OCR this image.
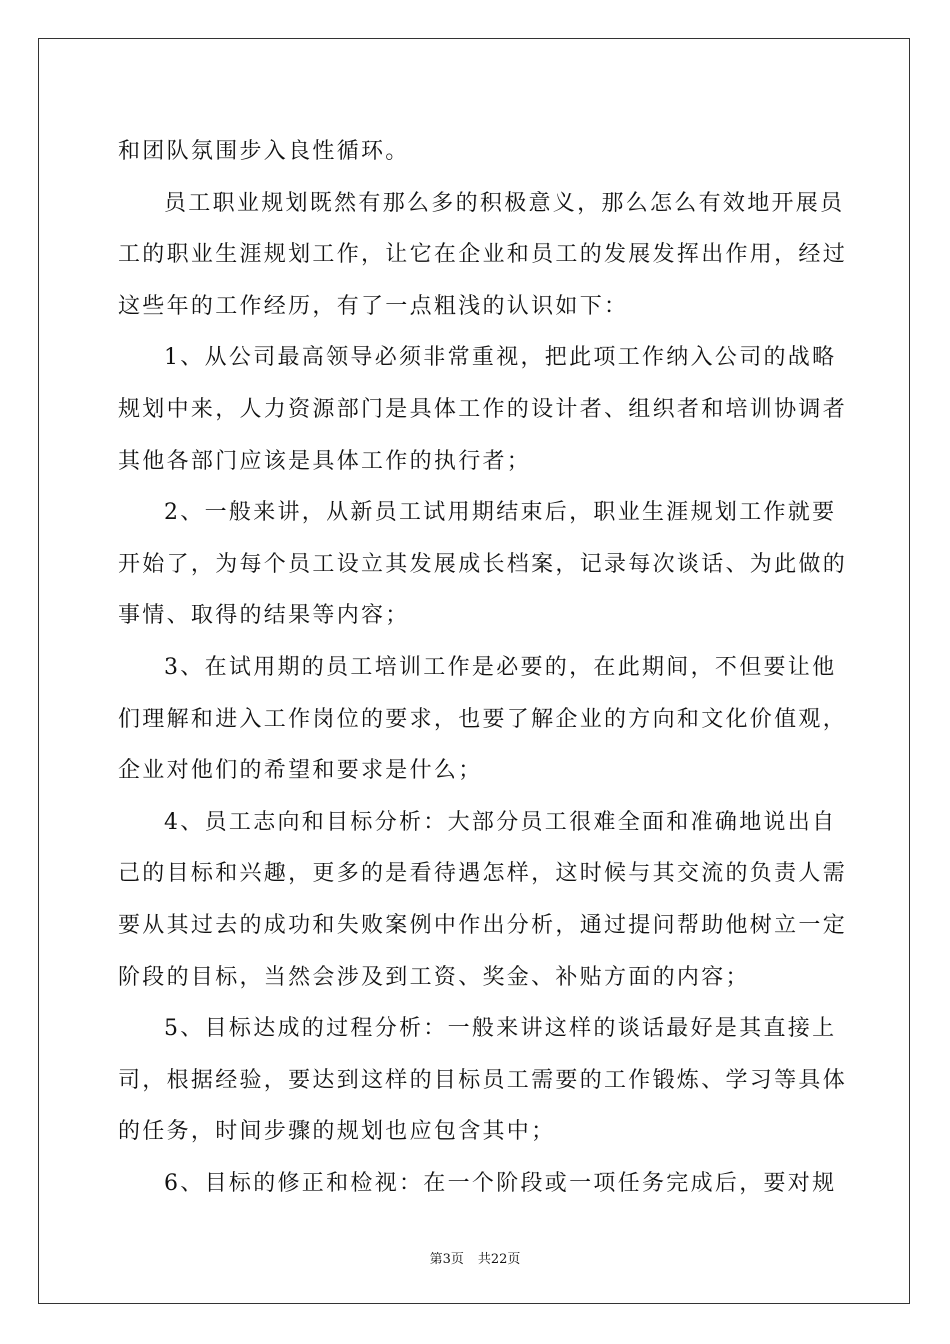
和团队氛围步入良性循环。
员工职业规划既然有那么多的积极意义，那么怎么有效地开展员
工的职业生涯规划工作，让它在企业和员工的发展发挥出作用，经过
这些年的工作经历，有了一点粗浅的认识如下：
1、从公司最高领导必须非常重视，把此项工作纳入公司的战略
规划中来，人力资源部门是具体工作的设计者、组织者和培训协调者
其他各部门应该是具体工作的执行者；
2、一般来讲，从新员工试用期结束后，职业生涯规划工作就要
开始了，为每个员工设立其发展成长档案，记录每次谈话、为此做的
事情、取得的结果等内容；
3、在试用期的员工培训工作是必要的，在此期间，不但要让他
们理解和进入工作岗位的要求，也要了解企业的方向和文化价值观，
企业对他们的希望和要求是什么；
4、员工志向和目标分析：大部分员工很难全面和准确地说出自
己的目标和兴趣，更多的是看待遇怎样，这时候与其交流的负责人需
要从其过去的成功和失败案例中作出分析，通过提问帮助他树立一定
阶段的目标，当然会涉及到工资、奖金、补贴方面的内容；
5、目标达成的过程分析：一般来讲这样的谈话最好是其直接上
司，根据经验，要达到这样的目标员工需要的工作锻炼、学习等具体
的任务，时间步骤的规划也应包含其中；
6、目标的修正和检视：在一个阶段或一项任务完成后，要对规
第3页 共22页
